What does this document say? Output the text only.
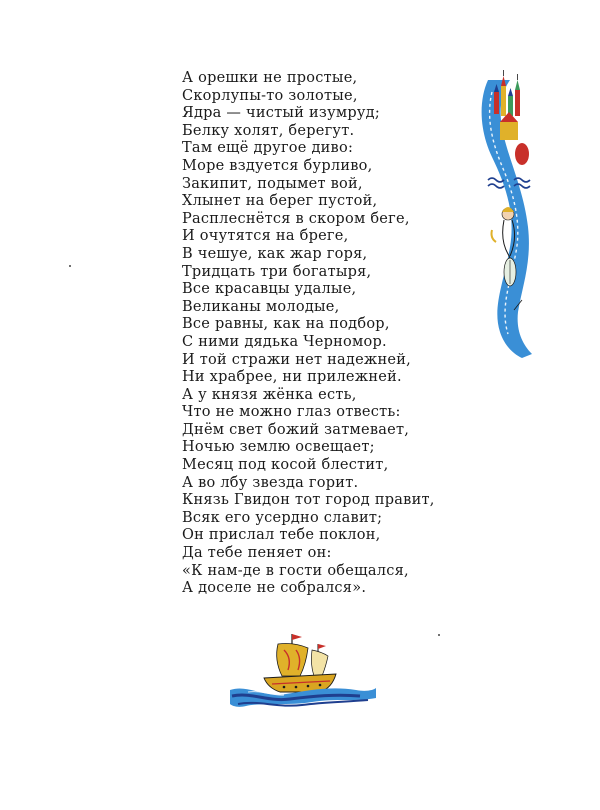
А орешки не простые,
Скорлупы-то золотые,
Ядра — чистый изумруд;
Белку холят, берегут.
Там ещё другое диво:
Море вздуется бурливо,
Закипит, подымет вой,
Хлынет на берег пустой,
Расплеснётся в скором беге,
И очутятся на бреге,
В чешуе, как жар горя,
Тридцать три богатыря,
Все красавцы удалые,
Великаны молодые,
Все равны, как на подбор,
С ними дядька Черномор.
И той стражи нет надежней,
Ни храбрее, ни прилежней.
А у князя жёнка есть,
Что не можно глаз отвесть:
Днём свет божий затмевает,
Ночью землю освещает;
Месяц под косой блестит,
А во лбу звезда горит.
Князь Гвидон тот город правит,
Всяк его усердно славит;
Он прислал тебе поклон,
Да тебе пеняет он:
«К нам-де в гости обещался,
А доселе не собрался».
